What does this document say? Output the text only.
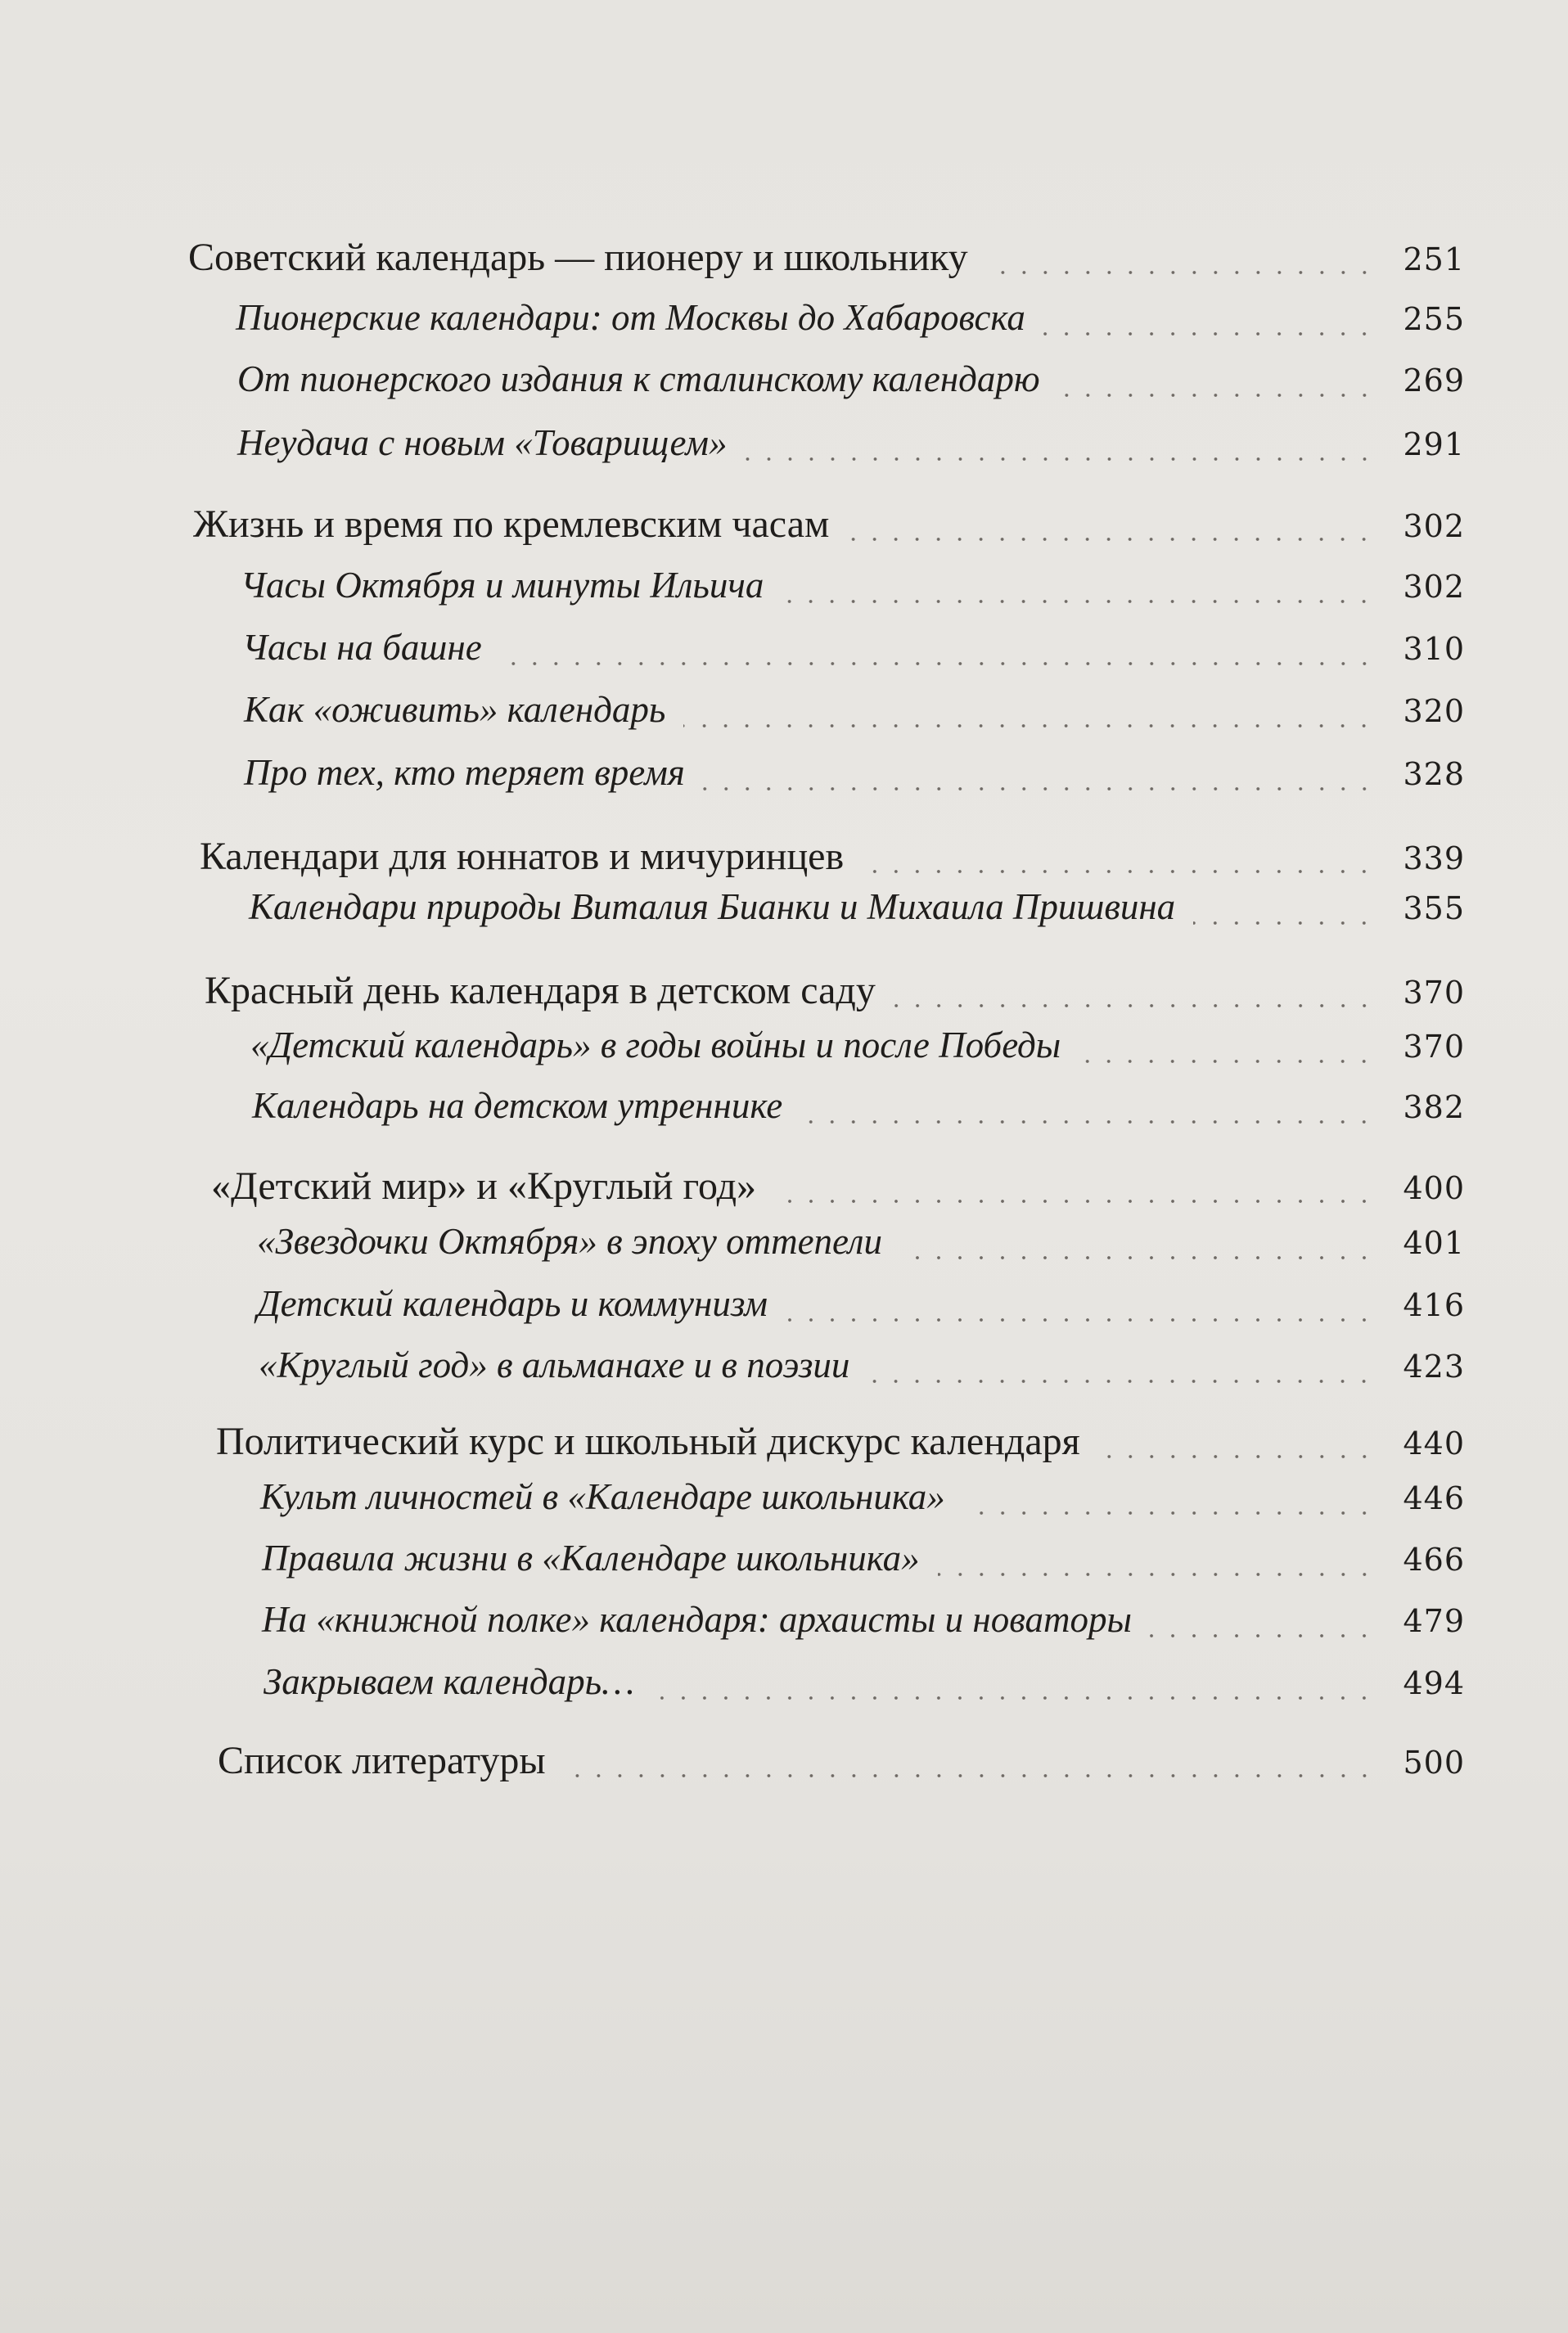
Советский календарь — пионеру и школьнику	251
Пионерские календари: от Москвы до Хабаровска	255
От пионерского издания к сталинскому календарю	269
Неудача с новым «Товарищем»	291
Жизнь и время по кремлевским часам	302
Часы Октября и минуты Ильича	302
Часы на башне	310
Как «оживить» календарь	320
Про тех, кто теряет время	328
Календари для юннатов и мичуринцев	339
Календари природы Виталия Бианки и Михаила Пришвина	355
Красный день календаря в детском саду	370
«Детский календарь» в годы войны и после Победы	370
Календарь на детском утреннике	382
«Детский мир» и «Круглый год»	400
«Звездочки Октября» в эпоху оттепели	401
Детский календарь и коммунизм	416
«Круглый год» в альманахе и в поэзии	423
Политический курс и школьный дискурс календаря	440
Культ личностей в «Календаре школьника»	446
Правила жизни в «Календаре школьника»	466
На «книжной полке» календаря: архаисты и новаторы	479
Закрываем календарь…	494
Список литературы	500
